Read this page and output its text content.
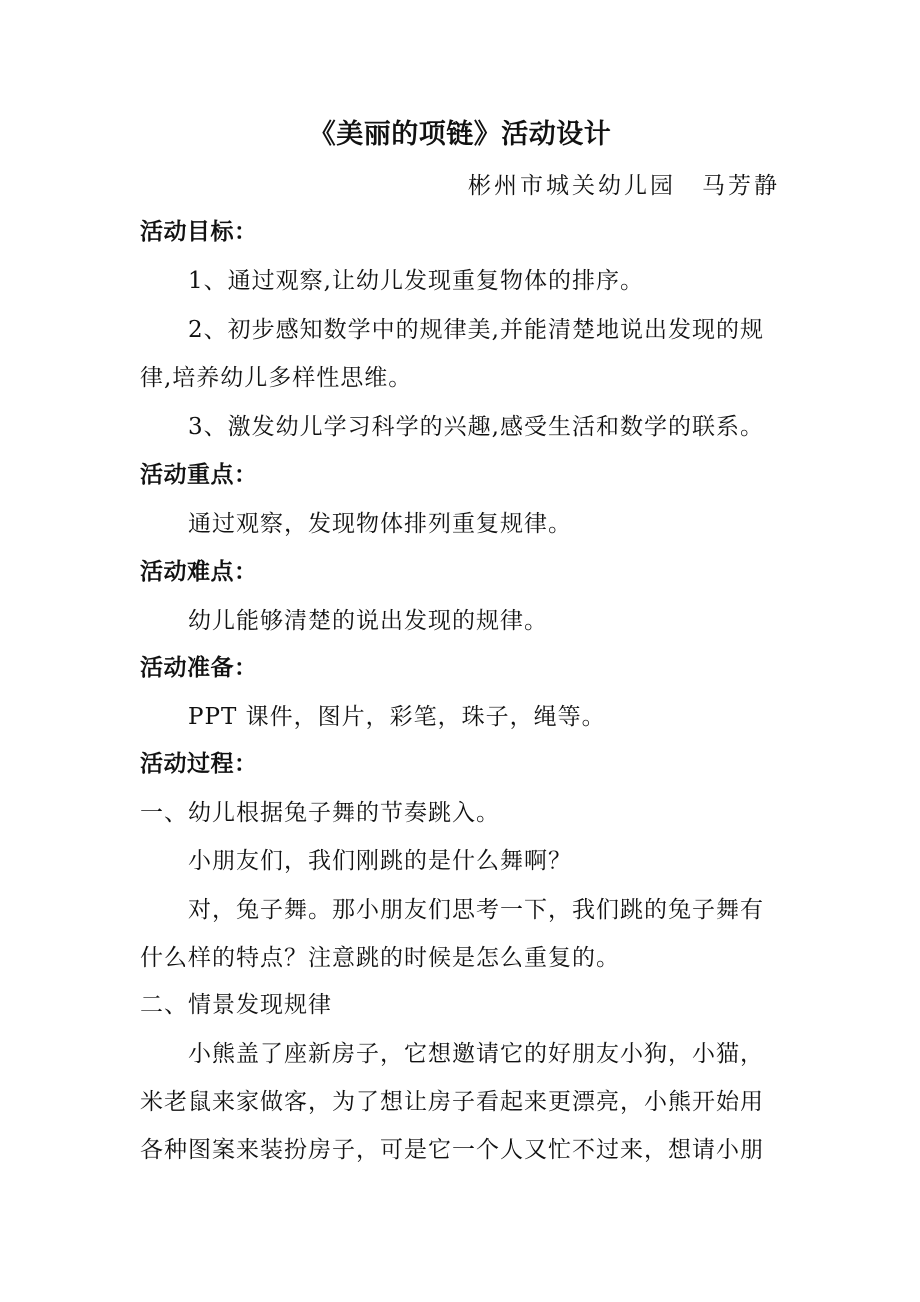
《美丽的项链》活动设计
彬州市城关幼儿园　马芳静
活动目标：
1、通过观察,让幼儿发现重复物体的排序。
2、初步感知数学中的规律美,并能清楚地说出发现的规
律,培养幼儿多样性思维。
3、激发幼儿学习科学的兴趣,感受生活和数学的联系。
活动重点：
通过观察，发现物体排列重复规律。
活动难点：
幼儿能够清楚的说出发现的规律。
活动准备：
PPT 课件，图片，彩笔，珠子，绳等。
活动过程：
一、幼儿根据兔子舞的节奏跳入。
小朋友们，我们刚跳的是什么舞啊？
对，兔子舞。那小朋友们思考一下，我们跳的兔子舞有
什么样的特点？注意跳的时候是怎么重复的。
二、情景发现规律
小熊盖了座新房子，它想邀请它的好朋友小狗，小猫，
米老鼠来家做客，为了想让房子看起来更漂亮，小熊开始用
各种图案来装扮房子，可是它一个人又忙不过来，想请小朋
